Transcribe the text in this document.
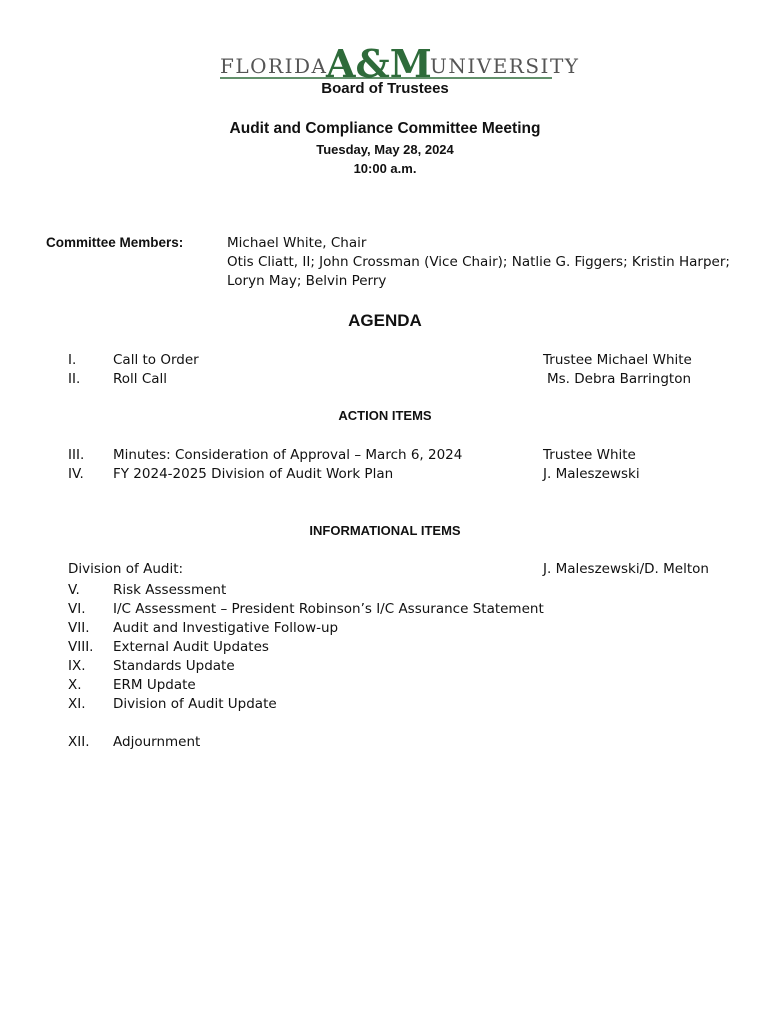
FLORIDA
A&M
UNIVERSITY
Board of Trustees
Audit and Compliance Committee Meeting
Tuesday, May 28, 2024
10:00 a.m.
Committee Members:	Michael White, Chair
Otis Cliatt, II; John Crossman (Vice Chair); Natlie G. Figgers; Kristin Harper;
Loryn May; Belvin Perry
AGENDA
I.	Call to Order	Trustee Michael White
II. Roll Call	Ms. Debra Barrington
ACTION ITEMS
III. Minutes: Consideration of Approval – March 6, 2024	Trustee White
IV. FY 2024-2025 Division of Audit Work Plan	J. Maleszewski
INFORMATIONAL ITEMS
Division of Audit:	J. Maleszewski/D. Melton
V. Risk Assessment
VI. I/C Assessment – President Robinson’s I/C Assurance Statement
VII. Audit and Investigative Follow-up
VIII. External Audit Updates
IX. Standards Update
X. ERM Update
XI. Division of Audit Update
XII. Adjournment
